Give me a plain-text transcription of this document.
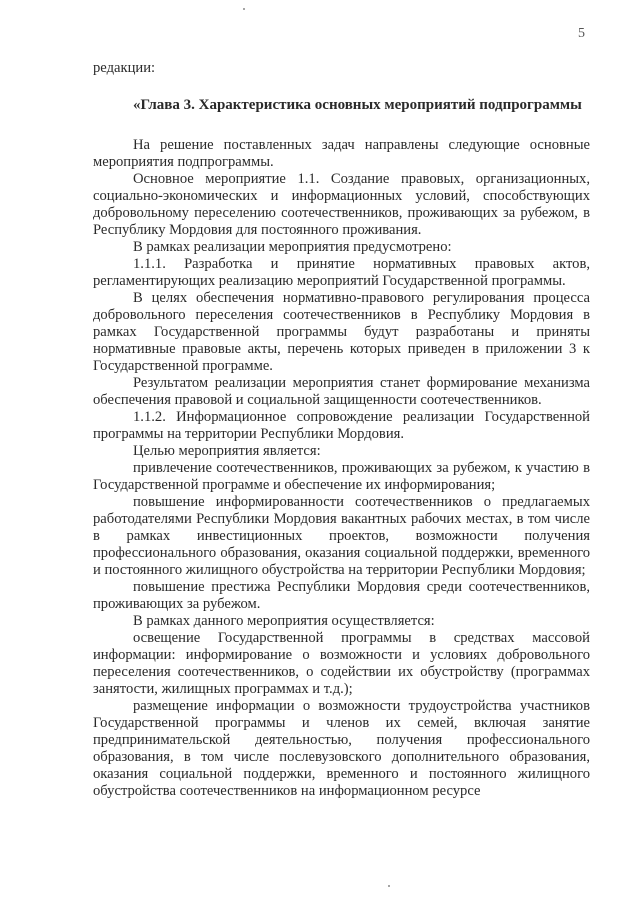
5

редакции:

«Глава 3. Характеристика основных мероприятий подпрограммы

На решение поставленных задач направлены следующие основные мероприятия подпрограммы.

Основное мероприятие 1.1. Создание правовых, организационных, социально-экономических и информационных условий, способствующих добровольному переселению соотечественников, проживающих за рубежом, в Республику Мордовия для постоянного проживания.

В рамках реализации мероприятия предусмотрено:

1.1.1. Разработка и принятие нормативных правовых актов, регламентирующих реализацию мероприятий Государственной программы.

В целях обеспечения нормативно-правового регулирования процесса добровольного переселения соотечественников в Республику Мордовия в рамках Государственной программы будут разработаны и приняты нормативные правовые акты, перечень которых приведен в приложении 3 к Государственной программе.

Результатом реализации мероприятия станет формирование механизма обеспечения правовой и социальной защищенности соотечественников.

1.1.2. Информационное сопровождение реализации Государственной программы на территории Республики Мордовия.

Целью мероприятия является:

привлечение соотечественников, проживающих за рубежом, к участию в Государственной программе и обеспечение их информирования;

повышение информированности соотечественников о предлагаемых работодателями Республики Мордовия вакантных рабочих местах, в том числе в рамках инвестиционных проектов, возможности получения профессионального образования, оказания социальной поддержки, временного и постоянного жилищного обустройства на территории Республики Мордовия;

повышение престижа Республики Мордовия среди соотечественников, проживающих за рубежом.

В рамках данного мероприятия осуществляется:

освещение Государственной программы в средствах массовой информации: информирование о возможности и условиях добровольного переселения соотечественников, о содействии их обустройству (программах занятости, жилищных программах и т.д.);

размещение информации о возможности трудоустройства участников Государственной программы и членов их семей, включая занятие предпринимательской деятельностью, получения профессионального образования, в том числе послевузовского дополнительного образования, оказания социальной поддержки, временного и постоянного жилищного обустройства соотечественников на информационном ресурсе
